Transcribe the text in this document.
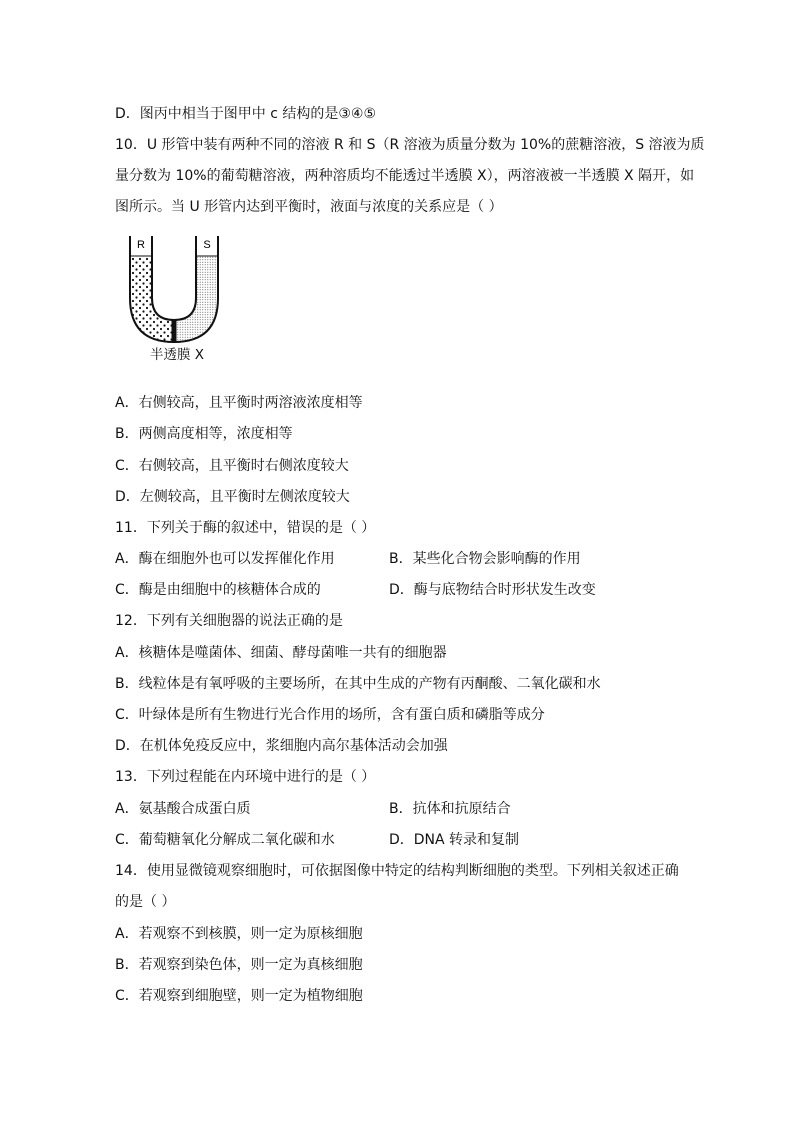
D．图丙中相当于图甲中 c 结构的是③④⑤
10．U 形管中装有两种不同的溶液 R 和 S（R 溶液为质量分数为 10%的蔗糖溶液，S 溶液为质
量分数为 10%的葡萄糖溶液，两种溶质均不能透过半透膜 X），两溶液被一半透膜 X 隔开，如
图所示。当 U 形管内达到平衡时，液面与浓度的关系应是（ ）
R	S
半透膜 X
A．右侧较高，且平衡时两溶液浓度相等
B．两侧高度相等，浓度相等
C．右侧较高，且平衡时右侧浓度较大
D．左侧较高，且平衡时左侧浓度较大
11．下列关于酶的叙述中，错误的是（ ）
A．酶在细胞外也可以发挥催化作用	B．某些化合物会影响酶的作用
C．酶是由细胞中的核糖体合成的	D．酶与底物结合时形状发生改变
12．下列有关细胞器的说法正确的是
A．核糖体是噬菌体、细菌、酵母菌唯一共有的细胞器
B．线粒体是有氧呼吸的主要场所，在其中生成的产物有丙酮酸、二氧化碳和水
C．叶绿体是所有生物进行光合作用的场所，含有蛋白质和磷脂等成分
D．在机体免疫反应中，浆细胞内高尔基体活动会加强
13．下列过程能在内环境中进行的是（ ）
A．氨基酸合成蛋白质	B．抗体和抗原结合
C．葡萄糖氧化分解成二氧化碳和水	D．DNA 转录和复制
14．使用显微镜观察细胞时，可依据图像中特定的结构判断细胞的类型。下列相关叙述正确
的是（ ）
A．若观察不到核膜，则一定为原核细胞
B．若观察到染色体，则一定为真核细胞
C．若观察到细胞壁，则一定为植物细胞
